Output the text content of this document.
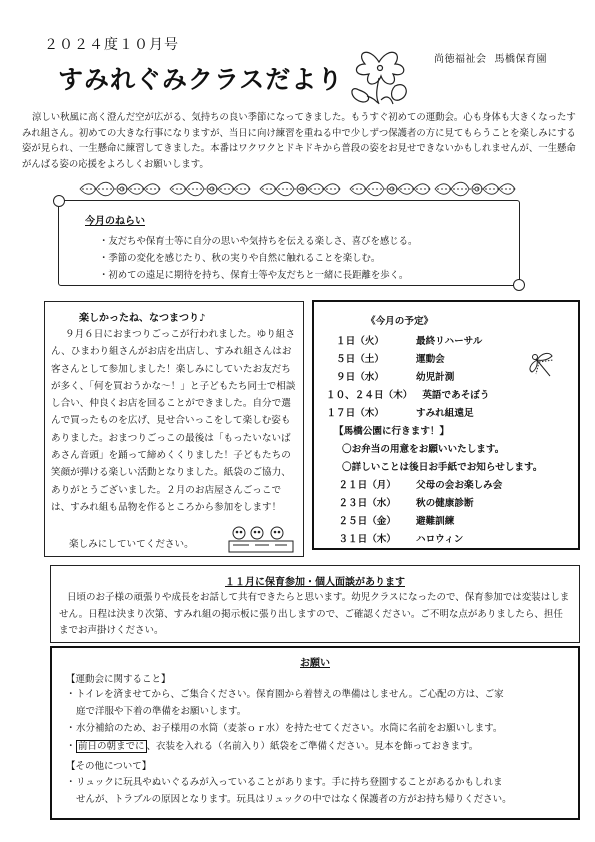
２０２４度１０月号
すみれぐみクラスだより
尚徳福祉会 馬橋保育園

涼しい秋風に高く澄んだ空が広がる、気持ちの良い季節になってきました。もうすぐ初めての運動会。心も身体も大きくなったすみれ組さん。初めての大きな行事になりますが、当日に向け練習を重ねる中で少しずつ保護者の方に見てもらうことを楽しみにする姿が見られ、一生懸命に練習してきました。本番はワクワクとドキドキから普段の姿をお見せできないかもしれませんが、一生懸命がんばる姿の応援をよろしくお願いします。

今月のねらい
・ 友だちや保育士等に自分の思いや気持ちを伝える楽しさ、喜びを感じる。
・ 季節の変化を感じたり、秋の実りや自然に触れることを楽しむ。
・ 初めての遠足に期待を持ち、保育士等や友だちと一緒に長距離を歩く。
楽しかったね、なつまつり♪

９月６日におまつりごっこが行われました。ゆり組さん、ひまわり組さんがお店を出店し、すみれ組さんはお客さんとして参加しました！楽しみにしていたお友だちが多く、「何を買おうかな～！」と子どもたち同士で相談し合い、仲良くお店を回ることができました。自分で選んで買ったものを広げ、見せ合いっこをして楽しむ姿もありました。おまつりごっこの最後は「もったいないばあさん音頭」を踊って締めくくりました！子どもたちの笑顔が弾ける楽しい活動となりました。紙袋のご協力、ありがとうございました。２月のお店屋さんごっこでは、すみれ組も品物を作るところから参加をします！

楽しみにしていてください。
《今月の予定》
１日（火）	最終リハーサル
５日（土）	運動会
９日（水）	幼児計測
１０、２４日（木） 英語であそぼう
１７日（木）	すみれ組遠足
【馬橋公園に行きます！】
〇お弁当の用意をお願いいたします。
〇詳しいことは後日お手紙でお知らせします。
２１日（月） 父母の会お楽しみ会
２３日（水） 秋の健康診断
２５日（金） 避難訓練
３１日（木） ハロウィン
１１月に保育参加・個人面談があります

日頃のお子様の頑張りや成長をお話して共有できたらと思います。幼児クラスになったので、保育参加では変装はしません。日程は決まり次第、すみれ組の掲示板に張り出しますので、ご確認ください。ご不明な点がありましたら、担任までお声掛けください。

お願い
【運動会に関すること】
・トイレを済ませてから、ご集合ください。保育園から着替えの準備はしません。ご心配の方は、ご家
庭で洋服や下着の準備をお願いします。
・水分補給のため、お子様用の水筒（麦茶ｏｒ水）を持たせてください。水筒に名前をお願いします。
・ 前日の朝までに 、衣装を入れる（名前入り）紙袋をご準備ください。見本を飾っておきます。
【その他について】
・リュックに玩具やぬいぐるみが入っていることがあります。手に持ち登園することがあるかもしれま
せんが、トラブルの原因となります。玩具はリュックの中ではなく保護者の方がお持ち帰りください。
